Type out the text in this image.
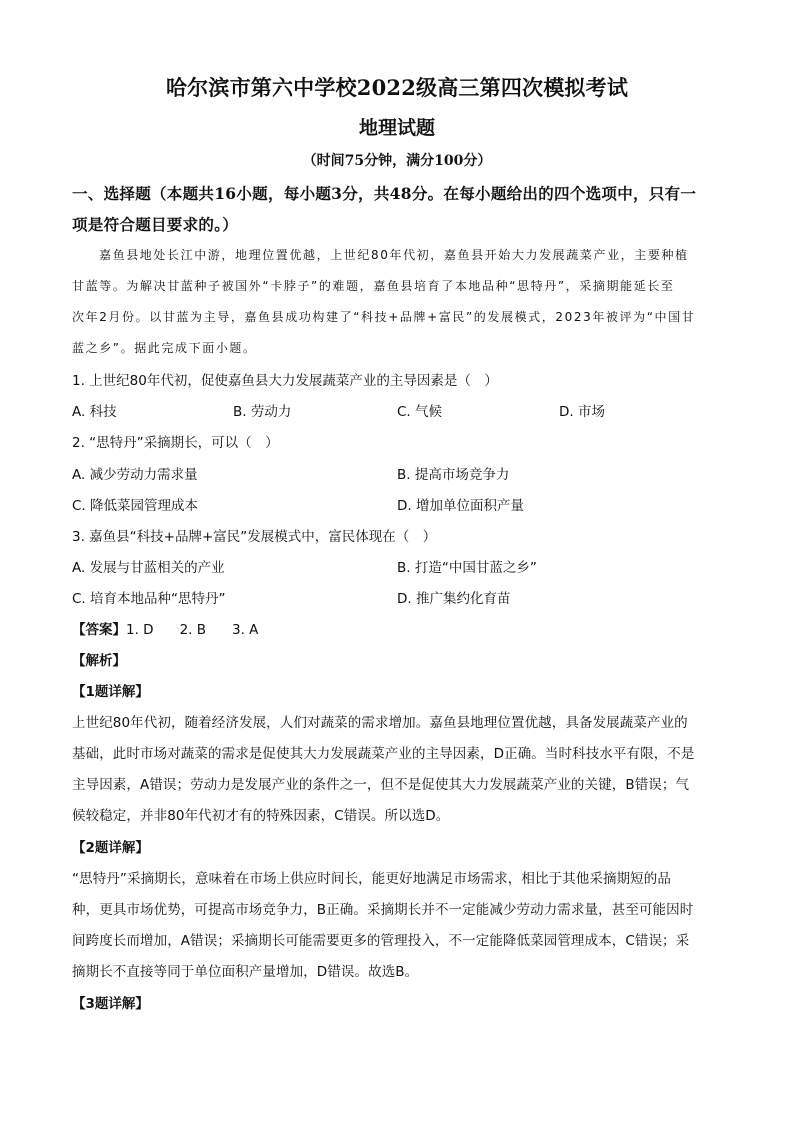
哈尔滨市第六中学校2022级高三第四次模拟考试
地理试题
（时间75分钟，满分100分）
一、选择题（本题共16小题，每小题3分，共48分。在每小题给出的四个选项中，只有一
项是符合题目要求的。）
嘉鱼县地处长江中游，地理位置优越，上世纪80年代初，嘉鱼县开始大力发展蔬菜产业，主要种植
甘蓝等。为解决甘蓝种子被国外“卡脖子”的难题，嘉鱼县培育了本地品种“思特丹”，采摘期能延长至
次年2月份。以甘蓝为主导，嘉鱼县成功构建了“科技+品牌+富民”的发展模式，2023年被评为“中国甘
蓝之乡”。据此完成下面小题。
1. 上世纪80年代初，促使嘉鱼县大力发展蔬菜产业的主导因素是（　）
A. 科技	B. 劳动力	C. 气候	D. 市场
2. “思特丹”采摘期长，可以（　）
A. 减少劳动力需求量	B. 提高市场竞争力
C. 降低菜园管理成本	D. 增加单位面积产量
3. 嘉鱼县“科技+品牌+富民”发展模式中，富民体现在（　）
A. 发展与甘蓝相关的产业	B. 打造“中国甘蓝之乡”
C. 培育本地品种“思特丹”	D. 推广集约化育苗
【答案】1. D 2. B 3. A
【解析】
【1题详解】
上世纪80年代初，随着经济发展，人们对蔬菜的需求增加。嘉鱼县地理位置优越，具备发展蔬菜产业的
基础，此时市场对蔬菜的需求是促使其大力发展蔬菜产业的主导因素，D正确。当时科技水平有限，不是
主导因素，A错误；劳动力是发展产业的条件之一，但不是促使其大力发展蔬菜产业的关键，B错误；气
候较稳定，并非80年代初才有的特殊因素，C错误。所以选D。
【2题详解】
“思特丹”采摘期长，意味着在市场上供应时间长，能更好地满足市场需求，相比于其他采摘期短的品
种，更具市场优势，可提高市场竞争力，B正确。采摘期长并不一定能减少劳动力需求量，甚至可能因时
间跨度长而增加，A错误；采摘期长可能需要更多的管理投入，不一定能降低菜园管理成本，C错误；采
摘期长不直接等同于单位面积产量增加，D错误。故选B。
【3题详解】
